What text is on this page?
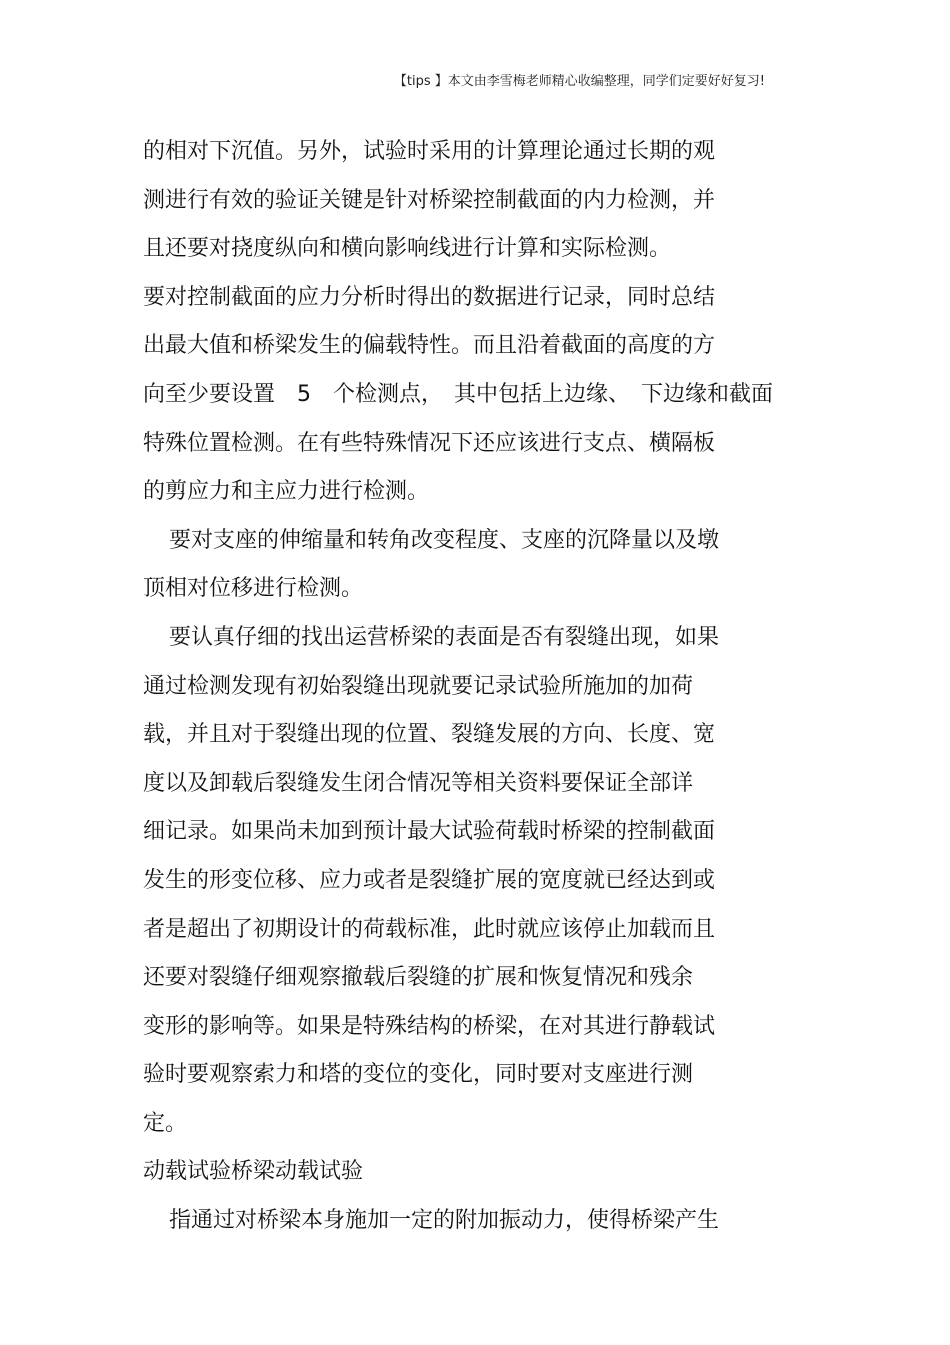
【tips 】本文由李雪梅老师精心收编整理，同学们定要好好复习!
的相对下沉值。另外，试验时采用的计算理论通过长期的观
测进行有效的验证关键是针对桥梁控制截面的内力检测，并
且还要对挠度纵向和横向影响线进行计算和实际检测。
要对控制截面的应力分析时得出的数据进行记录，同时总结
出最大值和桥梁发生的偏载特性。而且沿着截面的高度的方
向至少要设置　5　个检测点，　其中包括上边缘、　下边缘和截面
特殊位置检测。在有些特殊情况下还应该进行支点、横隔板
的剪应力和主应力进行检测。
要对支座的伸缩量和转角改变程度、支座的沉降量以及墩
顶相对位移进行检测。
要认真仔细的找出运营桥梁的表面是否有裂缝出现，如果
通过检测发现有初始裂缝出现就要记录试验所施加的加荷
载，并且对于裂缝出现的位置、裂缝发展的方向、长度、宽
度以及卸载后裂缝发生闭合情况等相关资料要保证全部详
细记录。如果尚未加到预计最大试验荷载时桥梁的控制截面
发生的形变位移、应力或者是裂缝扩展的宽度就已经达到或
者是超出了初期设计的荷载标准，此时就应该停止加载而且
还要对裂缝仔细观察撤载后裂缝的扩展和恢复情况和残余
变形的影响等。如果是特殊结构的桥梁，在对其进行静载试
验时要观察索力和塔的变位的变化，同时要对支座进行测
定。
动载试验桥梁动载试验
指通过对桥梁本身施加一定的附加振动力，使得桥梁产生
